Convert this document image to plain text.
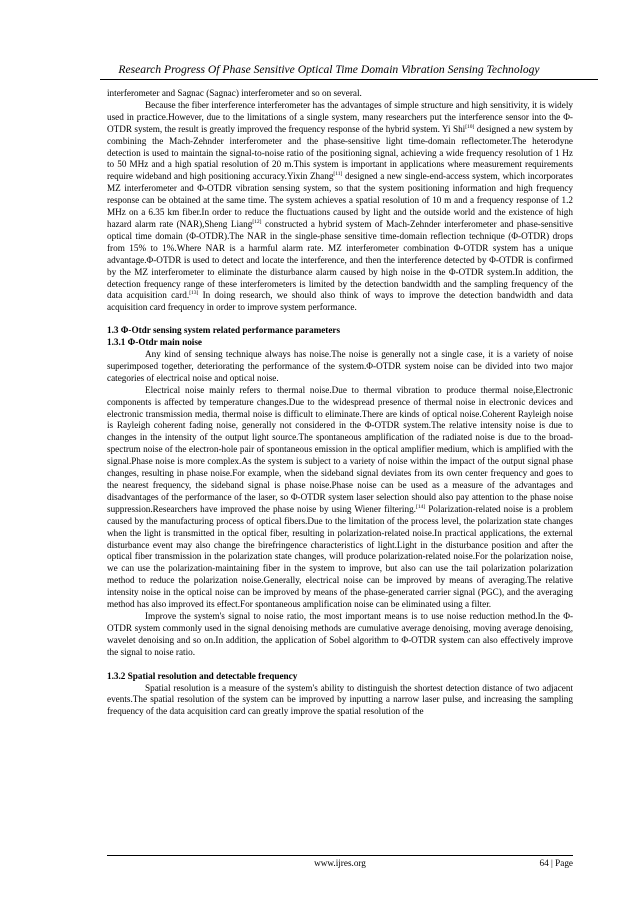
Research Progress Of Phase Sensitive Optical Time Domain Vibration Sensing Technology

interferometer and Sagnac (Sagnac) interferometer and so on several.

Because the fiber interference interferometer has the advantages of simple structure and high sensitivity, it is widely used in practice.However, due to the limitations of a single system, many researchers put the interference sensor into the Φ-OTDR system, the result is greatly improved the frequency response of the hybrid system. Yi Shi[10] designed a new system by combining the Mach-Zehnder interferometer and the phase-sensitive light time-domain reflectometer.The heterodyne detection is used to maintain the signal-to-noise ratio of the positioning signal, achieving a wide frequency resolution of 1 Hz to 50 MHz and a high spatial resolution of 20 m.This system is important in applications where measurement requirements require wideband and high positioning accuracy.Yixin Zhang[11] designed a new single-end-access system, which incorporates MZ interferometer and Φ-OTDR vibration sensing system, so that the system positioning information and high frequency response can be obtained at the same time. The system achieves a spatial resolution of 10 m and a frequency response of 1.2 MHz on a 6.35 km fiber.In order to reduce the fluctuations caused by light and the outside world and the existence of high hazard alarm rate (NAR),Sheng Liang[12] constructed a hybrid system of Mach-Zehnder interferometer and phase-sensitive optical time domain (Φ-OTDR).The NAR in the single-phase sensitive time-domain reflection technique (Φ-OTDR) drops from 15% to 1%.Where NAR is a harmful alarm rate. MZ interferometer combination Φ-OTDR system has a unique advantage.Φ-OTDR is used to detect and locate the interference, and then the interference detected by Φ-OTDR is confirmed by the MZ interferometer to eliminate the disturbance alarm caused by high noise in the Φ-OTDR system.In addition, the detection frequency range of these interferometers is limited by the detection bandwidth and the sampling frequency of the data acquisition card.[13] In doing research, we should also think of ways to improve the detection bandwidth and data acquisition card frequency in order to improve system performance.

1.3 Φ-Otdr sensing system related performance parameters
1.3.1 Φ-Otdr main noise

Any kind of sensing technique always has noise.The noise is generally not a single case, it is a variety of noise superimposed together, deteriorating the performance of the system.Φ-OTDR system noise can be divided into two major categories of electrical noise and optical noise.

Electrical noise mainly refers to thermal noise.Due to thermal vibration to produce thermal noise,Electronic components is affected by temperature changes.Due to the widespread presence of thermal noise in electronic devices and electronic transmission media, thermal noise is difficult to eliminate.There are kinds of optical noise.Coherent Rayleigh noise is Rayleigh coherent fading noise, generally not considered in the Φ-OTDR system.The relative intensity noise is due to changes in the intensity of the output light source.The spontaneous amplification of the radiated noise is due to the broad-spectrum noise of the electron-hole pair of spontaneous emission in the optical amplifier medium, which is amplified with the signal.Phase noise is more complex.As the system is subject to a variety of noise within the impact of the output signal phase changes, resulting in phase noise.For example, when the sideband signal deviates from its own center frequency and goes to the nearest frequency, the sideband signal is phase noise.Phase noise can be used as a measure of the advantages and disadvantages of the performance of the laser, so Φ-OTDR system laser selection should also pay attention to the phase noise suppression.Researchers have improved the phase noise by using Wiener filtering.[14] Polarization-related noise is a problem caused by the manufacturing process of optical fibers.Due to the limitation of the process level, the polarization state changes when the light is transmitted in the optical fiber, resulting in polarization-related noise.In practical applications, the external disturbance event may also change the birefringence characteristics of light.Light in the disturbance position and after the optical fiber transmission in the polarization state changes, will produce polarization-related noise.For the polarization noise, we can use the polarization-maintaining fiber in the system to improve, but also can use the tail polarization polarization method to reduce the polarization noise.Generally, electrical noise can be improved by means of averaging.The relative intensity noise in the optical noise can be improved by means of the phase-generated carrier signal (PGC), and the averaging method has also improved its effect.For spontaneous amplification noise can be eliminated using a filter.

Improve the system's signal to noise ratio, the most important means is to use noise reduction method.In the Φ-OTDR system commonly used in the signal denoising methods are cumulative average denoising, moving average denoising, wavelet denoising and so on.In addition, the application of Sobel algorithm to Φ-OTDR system can also effectively improve the signal to noise ratio.

1.3.2 Spatial resolution and detectable frequency

Spatial resolution is a measure of the system's ability to distinguish the shortest detection distance of two adjacent events.The spatial resolution of the system can be improved by inputting a narrow laser pulse, and increasing the sampling frequency of the data acquisition card can greatly improve the spatial resolution of the

www.ijres.org	64 | Page
